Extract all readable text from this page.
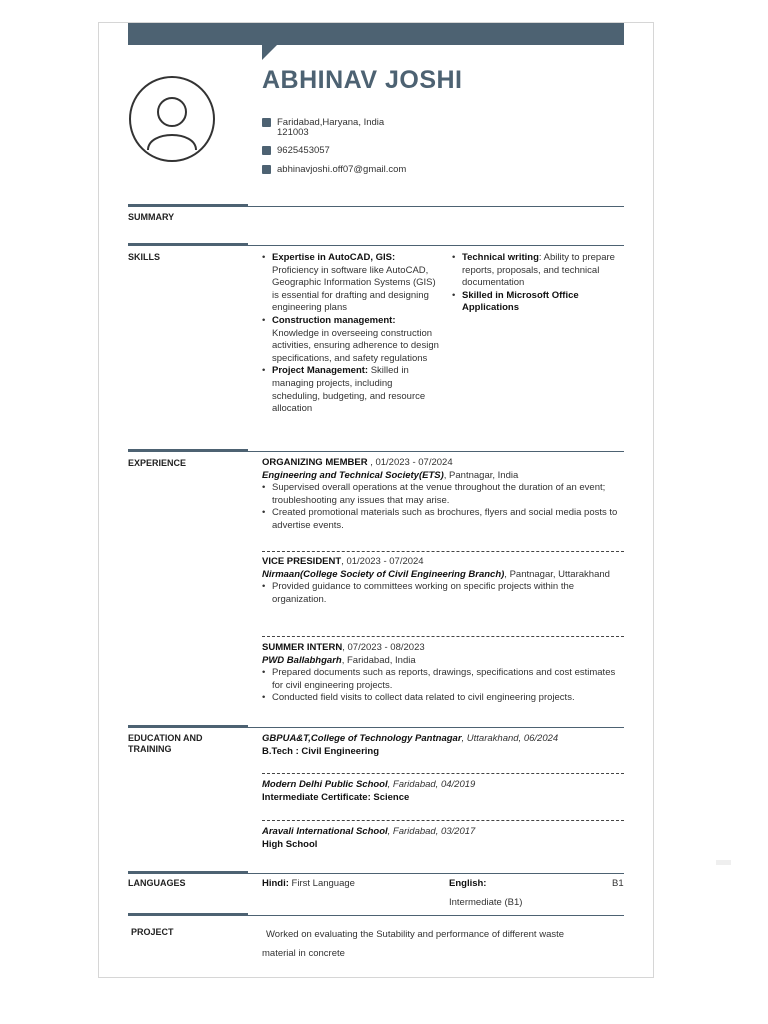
ABHINAV JOSHI
Faridabad,Haryana, India
121003
9625453057
abhinavjoshi.off07@gmail.com
SUMMARY
SKILLS
•	Expertise in AutoCAD, GIS: Proficiency in software like AutoCAD, Geographic Information Systems (GIS) is essential for drafting and designing engineering plans
• Construction management: Knowledge in overseeing construction activities, ensuring adherence to design specifications, and safety regulations
• Project Management: Skilled in managing projects, including scheduling, budgeting, and resource allocation
• Technical writing: Ability to prepare reports, proposals, and technical documentation
• Skilled in Microsoft Office Applications
EXPERIENCE	ORGANIZING MEMBER , 01/2023 - 07/2024
Engineering and Technical Society(ETS), Pantnagar, India
• Supervised overall operations at the venue throughout the duration of an event; troubleshooting any issues that may arise.
• Created promotional materials such as brochures, flyers and social media posts to advertise events.
VICE PRESIDENT, 01/2023 - 07/2024
Nirmaan(College Society of Civil Engineering Branch), Pantnagar, Uttarakhand
• Provided guidance to committees working on specific projects within the organization.
SUMMER INTERN, 07/2023 - 08/2023
PWD Ballabhgarh, Faridabad, India
• Prepared documents such as reports, drawings, specifications and cost estimates for civil engineering projects.
• Conducted field visits to collect data related to civil engineering projects.
EDUCATION AND
TRAINING
GBPUA&T,College of Technology Pantnagar, Uttarakhand, 06/2024
B.Tech : Civil Engineering
Modern Delhi Public School, Faridabad, 04/2019
Intermediate Certificate: Science
Aravali International School, Faridabad, 03/2017
High School
LANGUAGES	Hindi: First Language	English:	B1
Intermediate (B1)
PROJECT	Worked on evaluating the Sutability and performance of different waste
material in concrete
